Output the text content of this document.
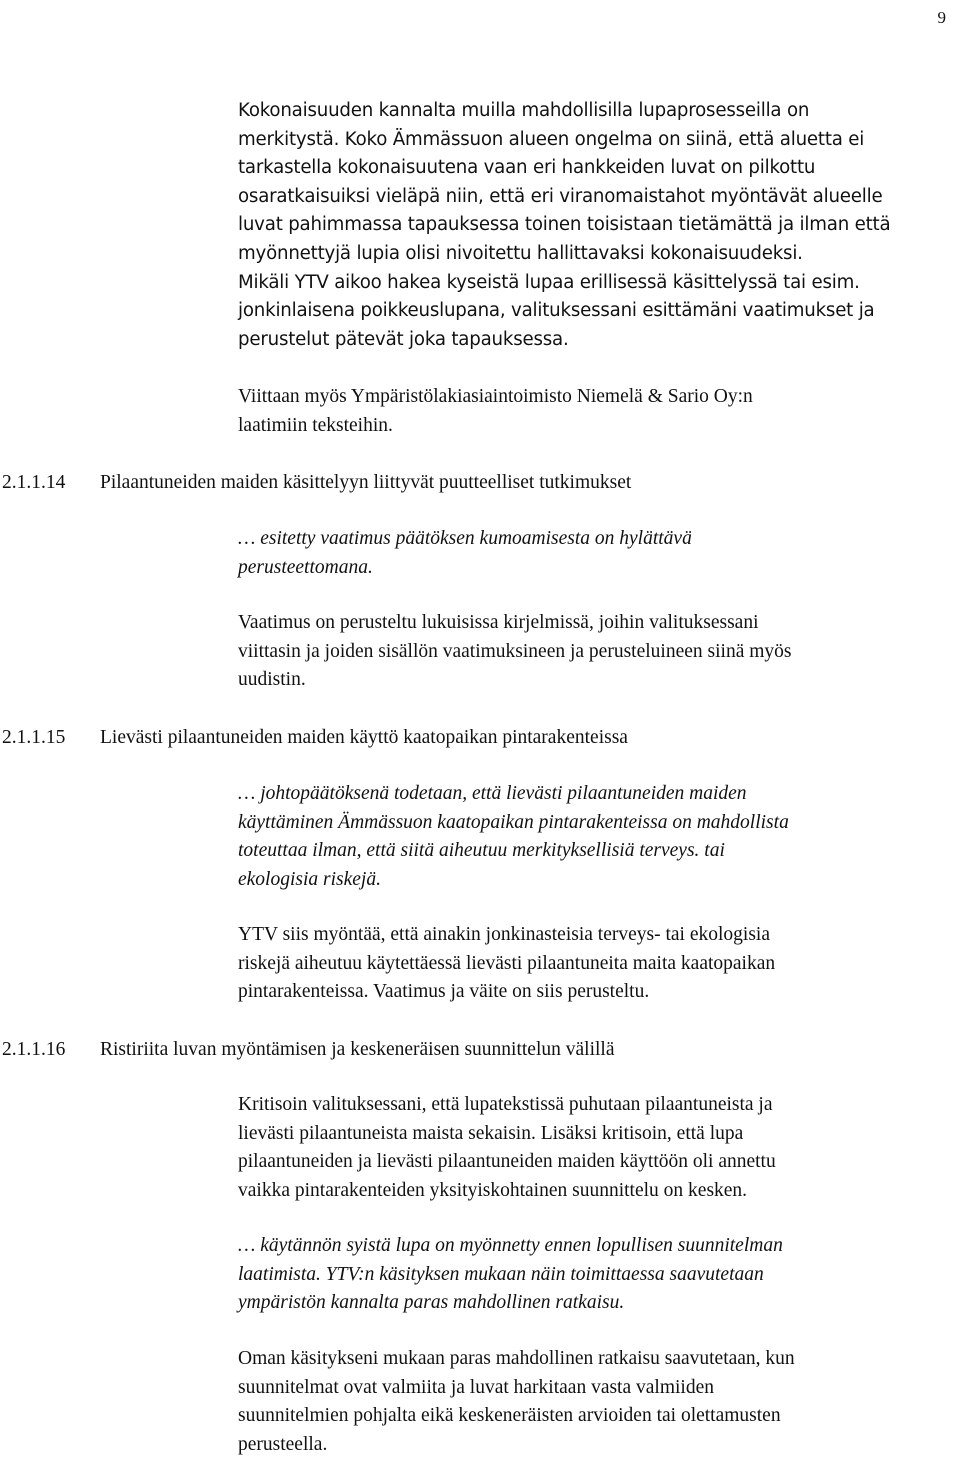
9
Kokonaisuuden kannalta muilla mahdollisilla lupaprosesseilla on
merkitystä. Koko Ämmässuon alueen ongelma on siinä, että aluetta ei
tarkastella kokonaisuutena vaan eri hankkeiden luvat on pilkottu
osaratkaisuiksi vieläpä niin, että eri viranomaistahot myöntävät alueelle
luvat pahimmassa tapauksessa toinen toisistaan tietämättä ja ilman että
myönnettyjä lupia olisi nivoitettu hallittavaksi kokonaisuudeksi.
Mikäli YTV aikoo hakea kyseistä lupaa erillisessä käsittelyssä tai esim.
jonkinlaisena poikkeuslupana, valituksessani esittämäni vaatimukset ja
perustelut pätevät joka tapauksessa.
Viittaan myös Ympäristölakiasiaintoimisto Niemelä & Sario Oy:n
laatimiin teksteihin.
2.1.1.14 Pilaantuneiden maiden käsittelyyn liittyvät puutteelliset tutkimukset
… esitetty vaatimus päätöksen kumoamisesta on hylättävä
perusteettomana.
Vaatimus on perusteltu lukuisissa kirjelmissä, joihin valituksessani
viittasin ja joiden sisällön vaatimuksineen ja perusteluineen siinä myös
uudistin.
2.1.1.15 Lievästi pilaantuneiden maiden käyttö kaatopaikan pintarakenteissa
… johtopäätöksenä todetaan, että lievästi pilaantuneiden maiden
käyttäminen Ämmässuon kaatopaikan pintarakenteissa on mahdollista
toteuttaa ilman, että siitä aiheutuu merkityksellisiä terveys. tai
ekologisia riskejä.
YTV siis myöntää, että ainakin jonkinasteisia terveys- tai ekologisia
riskejä aiheutuu käytettäessä lievästi pilaantuneita maita kaatopaikan
pintarakenteissa. Vaatimus ja väite on siis perusteltu.
2.1.1.16 Ristiriita luvan myöntämisen ja keskeneräisen suunnittelun välillä
Kritisoin valituksessani, että lupatekstissä puhutaan pilaantuneista ja
lievästi pilaantuneista maista sekaisin. Lisäksi kritisoin, että lupa
pilaantuneiden ja lievästi pilaantuneiden maiden käyttöön oli annettu
vaikka pintarakenteiden yksityiskohtainen suunnittelu on kesken.
… käytännön syistä lupa on myönnetty ennen lopullisen suunnitelman
laatimista. YTV:n käsityksen mukaan näin toimittaessa saavutetaan
ympäristön kannalta paras mahdollinen ratkaisu.
Oman käsitykseni mukaan paras mahdollinen ratkaisu saavutetaan, kun
suunnitelmat ovat valmiita ja luvat harkitaan vasta valmiiden
suunnitelmien pohjalta eikä keskeneräisten arvioiden tai olettamusten
perusteella.
